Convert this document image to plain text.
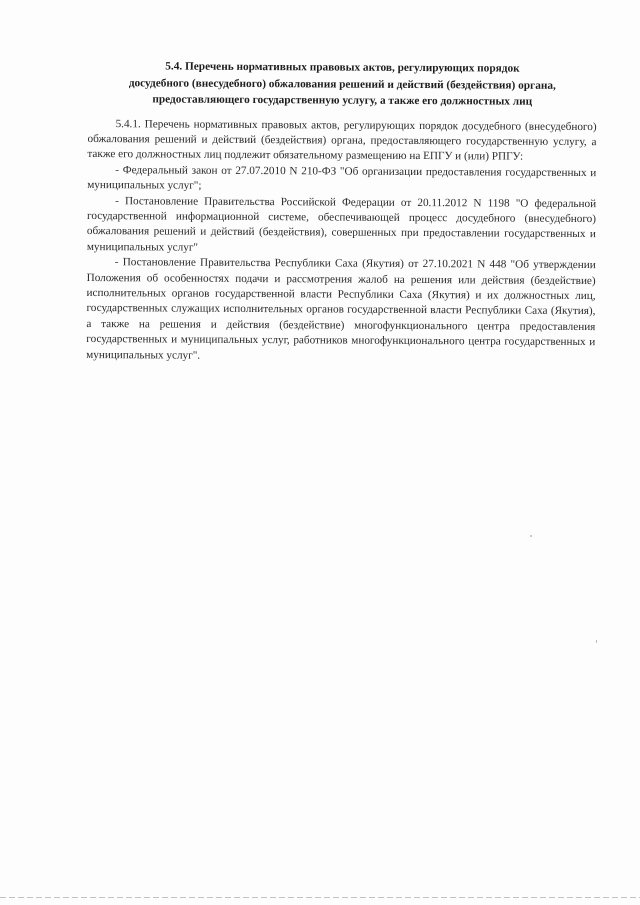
5.4. Перечень нормативных правовых актов, регулирующих порядок
досудебного (внесудебного) обжалования решений и действий (бездействия) органа,
предоставляющего государственную услугу, а также его должностных лиц

5.4.1. Перечень нормативных правовых актов, регулирующих порядок досудебного (внесудебного) обжалования решений и действий (бездействия) органа, предоставляющего государственную услугу, а также его должностных лиц подлежит обязательному размещению на ЕПГУ и (или) РПГУ:

- Федеральный закон от 27.07.2010 N 210-ФЗ "Об организации предоставления государственных и муниципальных услуг";

- Постановление Правительства Российской Федерации от 20.11.2012 N 1198 "О федеральной государственной информационной системе, обеспечивающей процесс досудебного (внесудебного) обжалования решений и действий (бездействия), совершенных при предоставлении государственных и муниципальных услуг"

- Постановление Правительства Республики Саха (Якутия) от 27.10.2021 N 448 "Об утверждении Положения об особенностях подачи и рассмотрения жалоб на решения или действия (бездействие) исполнительных органов государственной власти Республики Саха (Якутия) и их должностных лиц, государственных служащих исполнительных органов государственной власти Республики Саха (Якутия), а также на решения и действия (бездействие) многофункционального центра предоставления государственных и муниципальных услуг, работников многофункционального центра государственных и муниципальных услуг".
